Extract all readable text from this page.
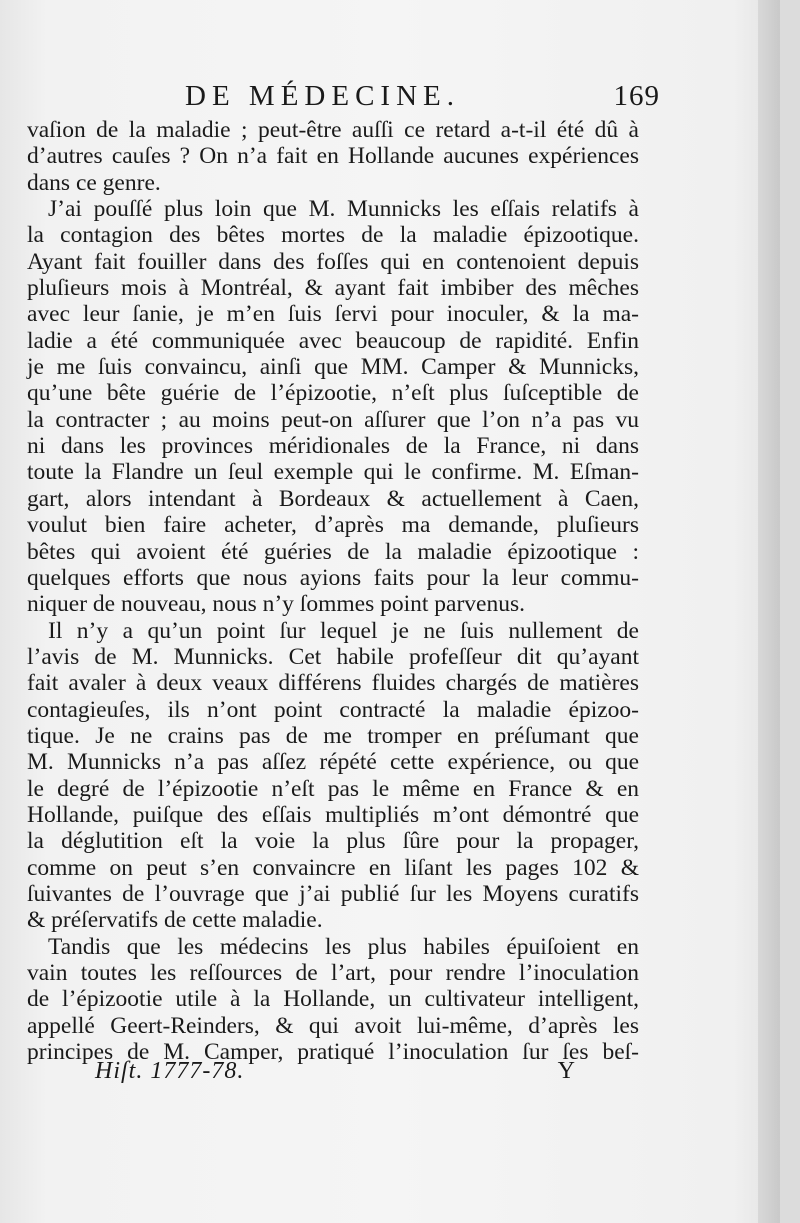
DE MÉDECINE.	169
vaſion de la maladie ; peut-être auſſi ce retard a-t-il été dû à
d’autres cauſes ? On n’a fait en Hollande aucunes expériences
dans ce genre.
J’ai pouſſé plus loin que M. Munnicks les eſſais relatifs à
la contagion des bêtes mortes de la maladie épizootique.
Ayant fait fouiller dans des foſſes qui en contenoient depuis
pluſieurs mois à Montréal, & ayant fait imbiber des mêches
avec leur ſanie, je m’en ſuis ſervi pour inoculer, & la ma-
ladie a été communiquée avec beaucoup de rapidité. Enfin
je me ſuis convaincu, ainſi que MM. Camper & Munnicks,
qu’une bête guérie de l’épizootie, n’eſt plus ſuſceptible de
la contracter ; au moins peut-on aſſurer que l’on n’a pas vu
ni dans les provinces méridionales de la France, ni dans
toute la Flandre un ſeul exemple qui le confirme. M. Eſman-
gart, alors intendant à Bordeaux & actuellement à Caen,
voulut bien faire acheter, d’après ma demande, pluſieurs
bêtes qui avoient été guéries de la maladie épizootique :
quelques efforts que nous ayions faits pour la leur commu-
niquer de nouveau, nous n’y ſommes point parvenus.
Il n’y a qu’un point ſur lequel je ne ſuis nullement de
l’avis de M. Munnicks. Cet habile profeſſeur dit qu’ayant
fait avaler à deux veaux différens fluides chargés de matières
contagieuſes, ils n’ont point contracté la maladie épizoo-
tique. Je ne crains pas de me tromper en préſumant que
M. Munnicks n’a pas aſſez répété cette expérience, ou que
le degré de l’épizootie n’eſt pas le même en France & en
Hollande, puiſque des eſſais multipliés m’ont démontré que
la déglutition eſt la voie la plus ſûre pour la propager,
comme on peut s’en convaincre en liſant les pages 102 &
ſuivantes de l’ouvrage que j’ai publié ſur les Moyens curatifs
& préſervatifs de cette maladie.
Tandis que les médecins les plus habiles épuiſoient en
vain toutes les reſſources de l’art, pour rendre l’inoculation
de l’épizootie utile à la Hollande, un cultivateur intelligent,
appellé Geert-Reinders, & qui avoit lui-même, d’après les
principes de M. Camper, pratiqué l’inoculation ſur ſes beſ-
Hiſt. 1777-78.	Y
